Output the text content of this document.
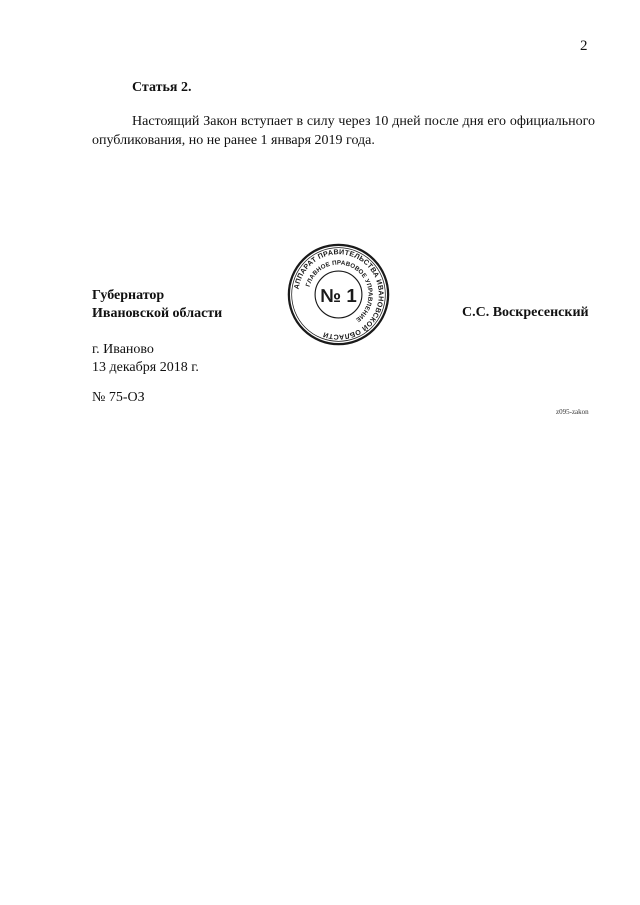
2
Статья 2.

Настоящий Закон вступает в силу через 10 дней после дня его официального опубликования, но не ранее 1 января 2019 года.

Губернатор
Ивановской области
АППАРАТ ПРАВИТЕЛЬСТВА ИВАНОВСКОЙ ОБЛАСТИ
ГЛАВНОЕ ПРАВОВОЕ УПРАВЛЕНИЕ
№ 1
С.С. Воскресенский
г. Иваново
13 декабря 2018 г.
№ 75-ОЗ
z095-zakon
